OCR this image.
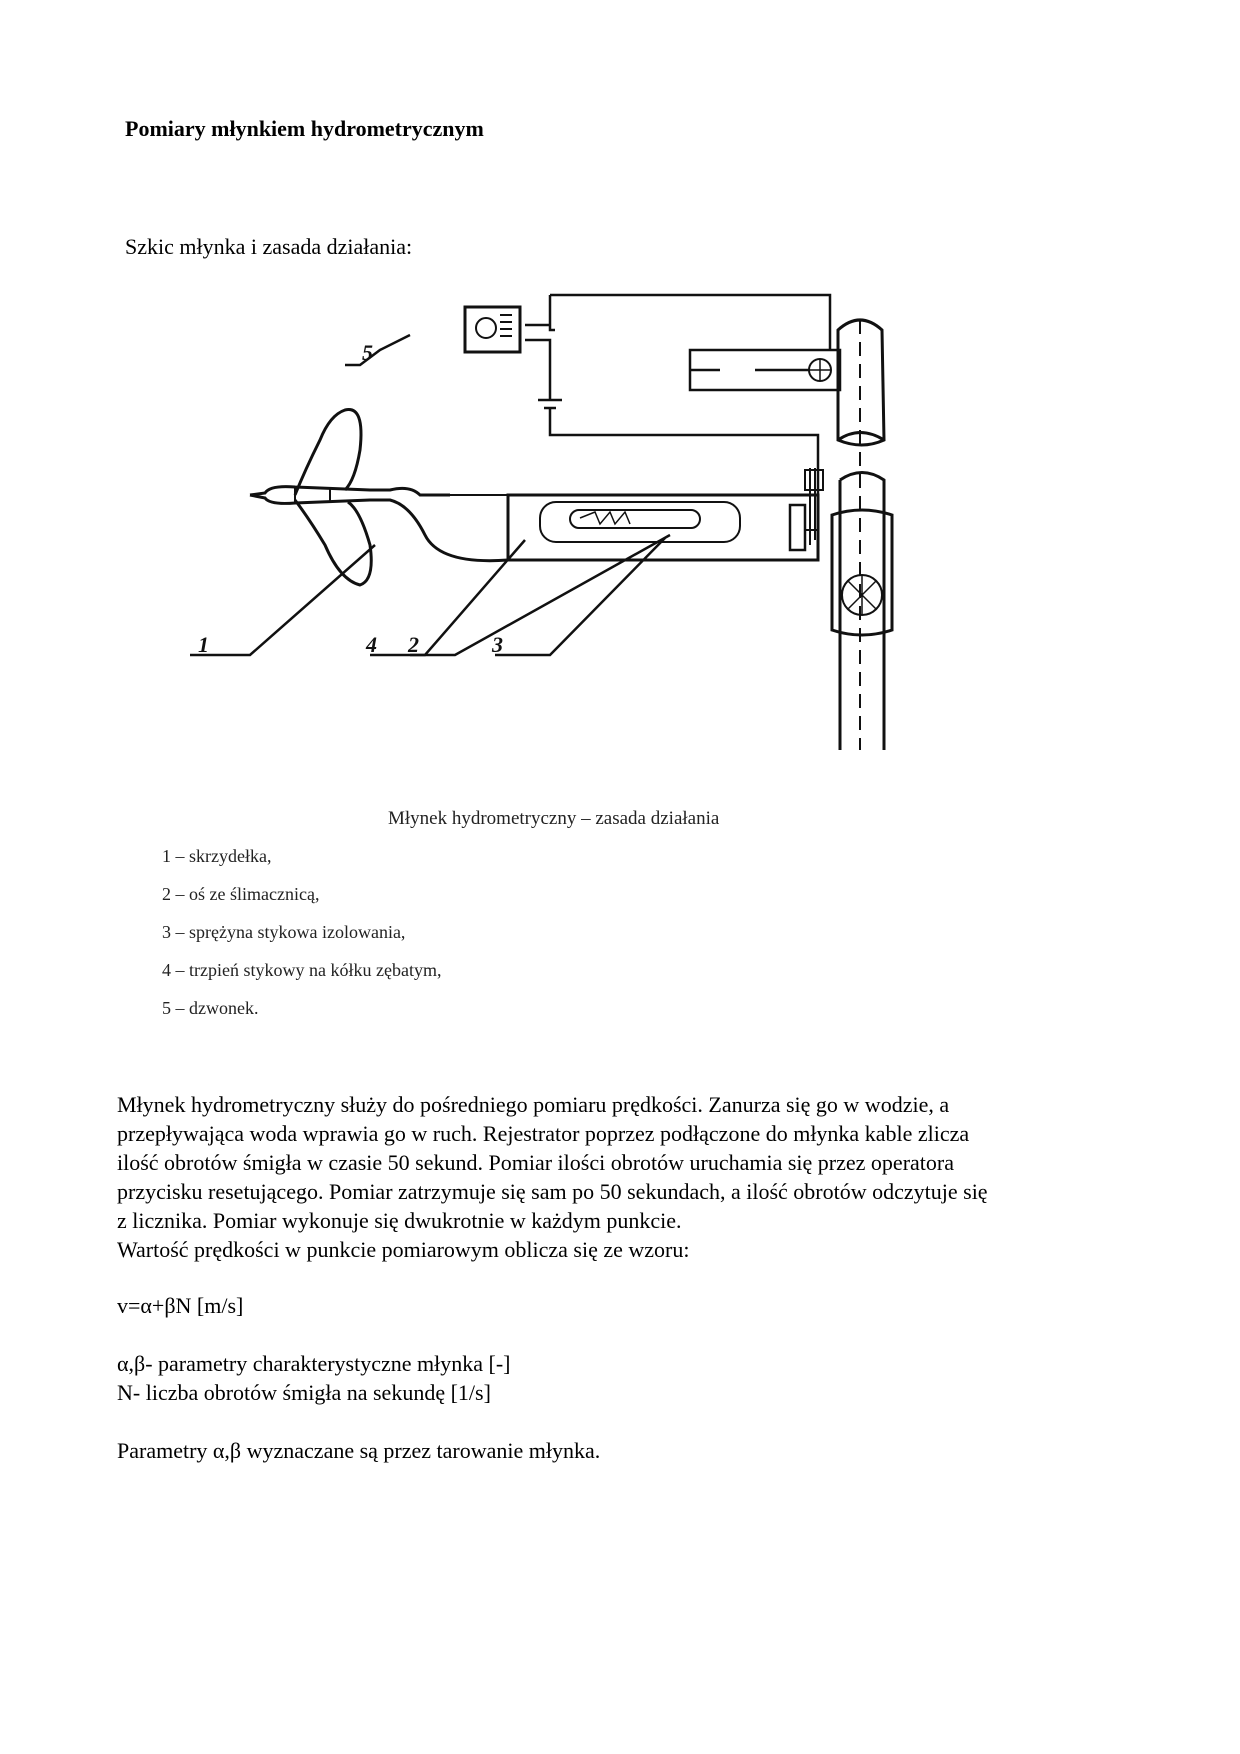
Pomiary młynkiem hydrometrycznym
Szkic młynka i zasada działania:
5
1	4 2	3
Młynek hydrometryczny – zasada działania
1 – skrzydełka,
2 – oś ze ślimacznicą,
3 – sprężyna stykowa izolowania,
4 – trzpień stykowy na kółku zębatym,
5 – dzwonek.

Młynek hydrometryczny służy do pośredniego pomiaru prędkości. Zanurza się go w wodzie, a

przepływająca woda wprawia go w ruch. Rejestrator poprzez podłączone do młynka kable zlicza

ilość obrotów śmigła w czasie 50 sekund. Pomiar ilości obrotów uruchamia się przez operatora

przycisku resetującego. Pomiar zatrzymuje się sam po 50 sekundach, a ilość obrotów odczytuje się

z licznika. Pomiar wykonuje się dwukrotnie w każdym punkcie.

Wartość prędkości w punkcie pomiarowym oblicza się ze wzoru:

v=α+βN [m/s]
α,β- parametry charakterystyczne młynka [-]
N- liczba obrotów śmigła na sekundę [1/s]
Parametry α,β wyznaczane są przez tarowanie młynka.
